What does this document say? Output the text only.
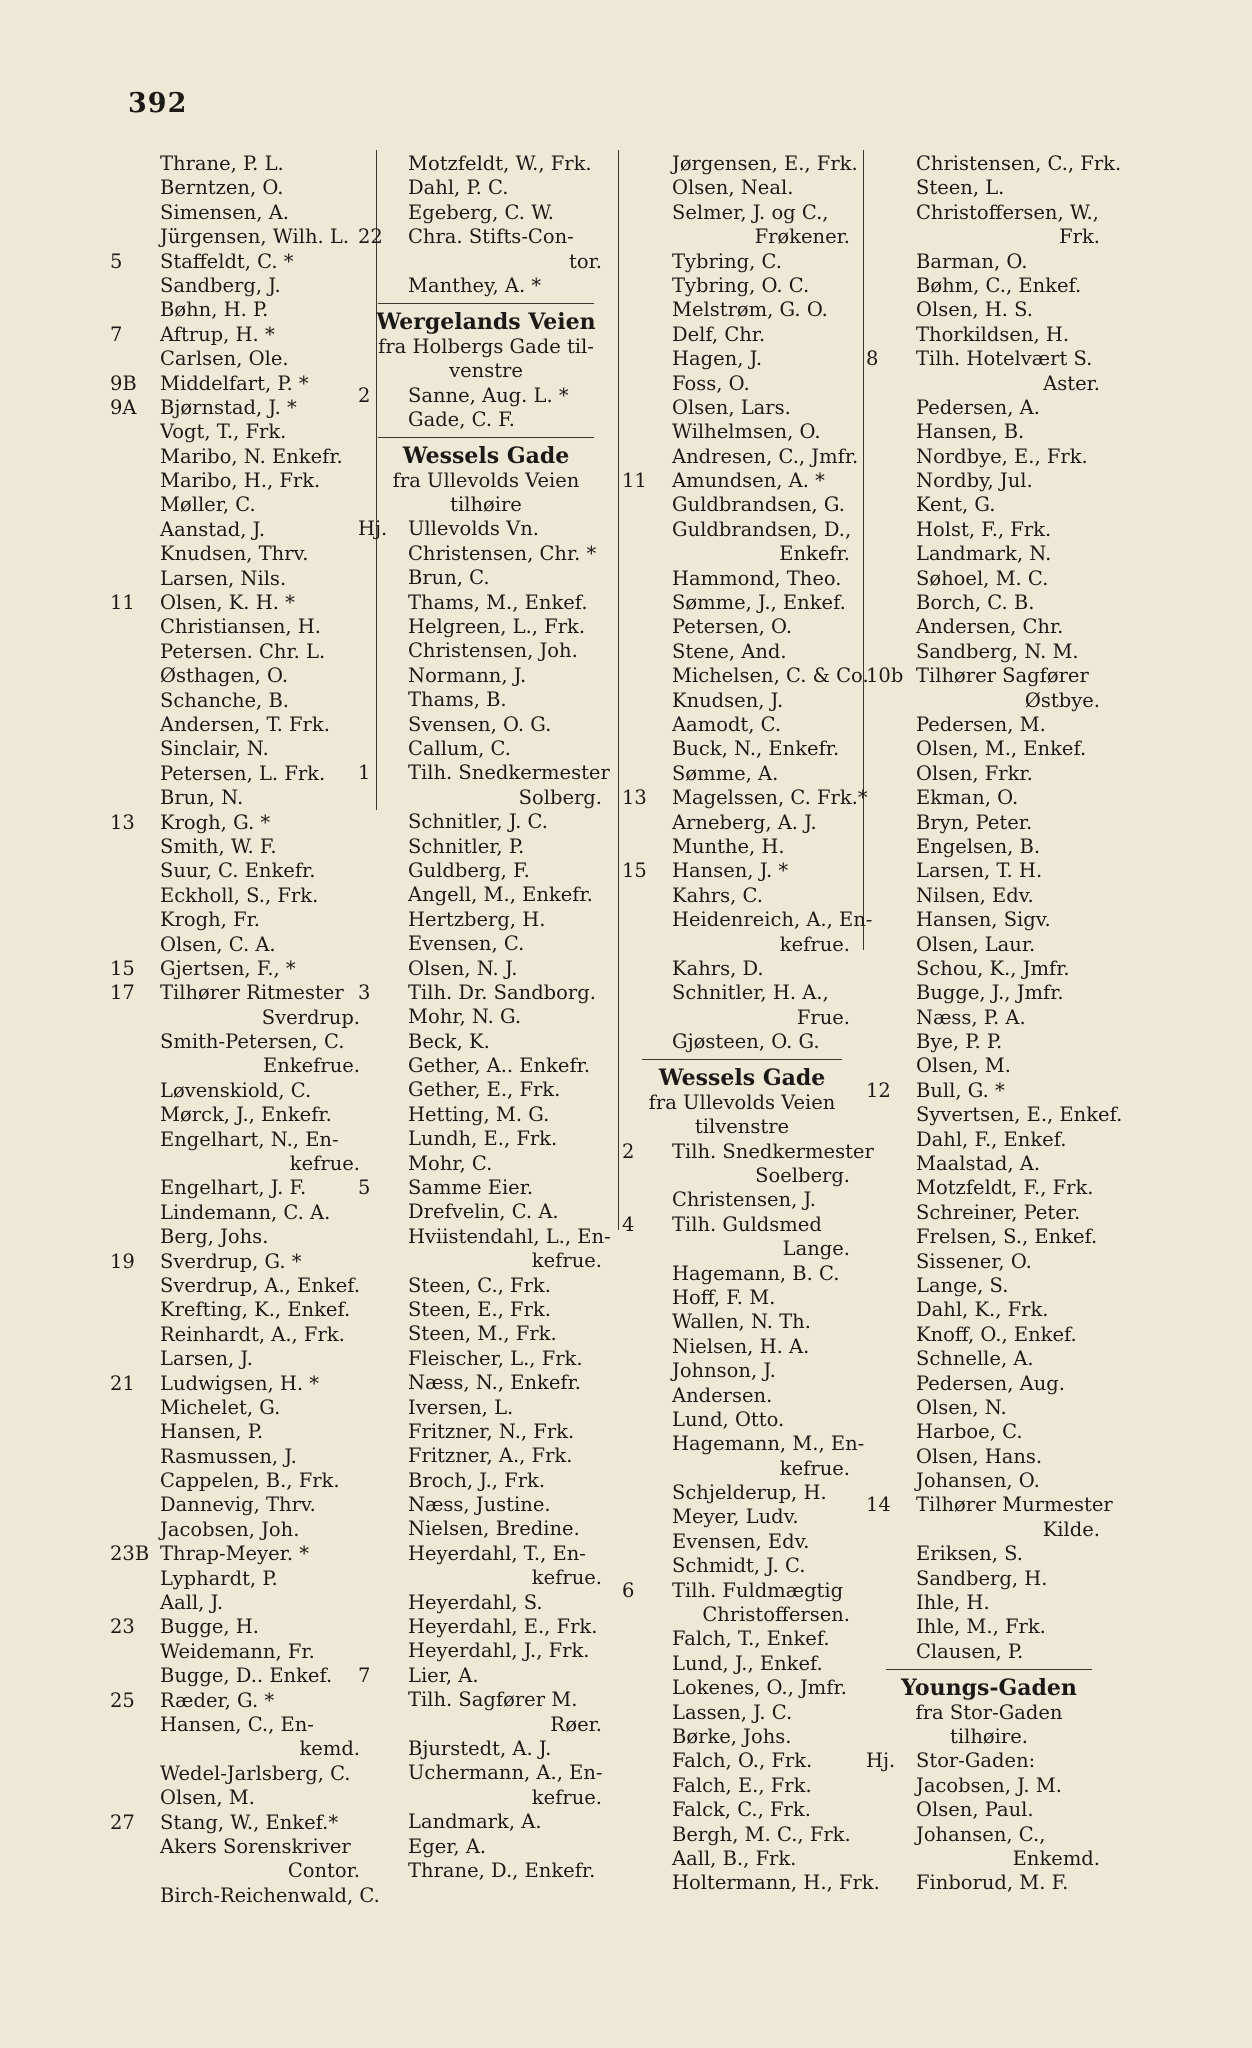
392
Thrane, P. L.
Berntzen, O.
Simensen, A.
Jürgensen, Wilh. L.
5 Staffeldt, C. *
Sandberg, J.
Bøhn, H. P.
7 Aftrup, H. *
Carlsen, Ole.
9B Middelfart, P. *
9A Bjørnstad, J. *
Vogt, T., Frk.
Maribo, N. Enkefr.
Maribo, H., Frk.
Møller, C.
Aanstad, J.
Knudsen, Thrv.
Larsen, Nils.
11 Olsen, K. H. *
Christiansen, H.
Petersen. Chr. L.
Østhagen, O.
Schanche, B.
Andersen, T. Frk.
Sinclair, N.
Petersen, L. Frk.
Brun, N.
13 Krogh, G. *
Smith, W. F.
Suur, C. Enkefr.
Eckholl, S., Frk.
Krogh, Fr.
Olsen, C. A.
15 Gjertsen, F., *
17 Tilhører Ritmester
Sverdrup.
Smith-Petersen, C.
Enkefrue.
Løvenskiold, C.
Mørck, J., Enkefr.
Engelhart, N., En-
kefrue.
Engelhart, J. F.
Lindemann, C. A.
Berg, Johs.
19 Sverdrup, G. *
Sverdrup, A., Enkef.
Krefting, K., Enkef.
Reinhardt, A., Frk.
Larsen, J.
21 Ludwigsen, H. *
Michelet, G.
Hansen, P.
Rasmussen, J.
Cappelen, B., Frk.
Dannevig, Thrv.
Jacobsen, Joh.
23B Thrap-Meyer. *
Lyphardt, P.
Aall, J.
23 Bugge, H.
Weidemann, Fr.
Bugge, D.. Enkef.
25 Ræder, G. *
Hansen, C., En-
kemd.
Wedel-Jarlsberg, C.
Olsen, M.
27 Stang, W., Enkef.*
Akers Sorenskriver
Contor.
Birch-Reichenwald, C.
Motzfeldt, W., Frk.
Dahl, P. C.
Egeberg, C. W.
22 Chra. Stifts-Con-
tor.
Manthey, A. *
Wergelands Veien
fra Holbergs Gade til-
venstre
2 Sanne, Aug. L. *
Gade, C. F.
Wessels Gade
fra Ullevolds Veien
tilhøire
Hj. Ullevolds Vn.
Christensen, Chr. *
Brun, C.
Thams, M., Enkef.
Helgreen, L., Frk.
Christensen, Joh.
Normann, J.
Thams, B.
Svensen, O. G.
Callum, C.
1 Tilh. Snedkermester
Solberg.
Schnitler, J. C.
Schnitler, P.
Guldberg, F.
Angell, M., Enkefr.
Hertzberg, H.
Evensen, C.
Olsen, N. J.
3 Tilh. Dr. Sandborg.
Mohr, N. G.
Beck, K.
Gether, A.. Enkefr.
Gether, E., Frk.
Hetting, M. G.
Lundh, E., Frk.
Mohr, C.
5 Samme Eier.
Drefvelin, C. A.
Hviistendahl, L., En-
kefrue.
Steen, C., Frk.
Steen, E., Frk.
Steen, M., Frk.
Fleischer, L., Frk.
Næss, N., Enkefr.
Iversen, L.
Fritzner, N., Frk.
Fritzner, A., Frk.
Broch, J., Frk.
Næss, Justine.
Nielsen, Bredine.
Heyerdahl, T., En-
kefrue.
Heyerdahl, S.
Heyerdahl, E., Frk.
Heyerdahl, J., Frk.
7 Lier, A.
Tilh. Sagfører M.
Røer.
Bjurstedt, A. J.
Uchermann, A., En-
kefrue.
Landmark, A.
Eger, A.
Thrane, D., Enkefr.
Jørgensen, E., Frk.
Olsen, Neal.
Selmer, J. og C.,
Frøkener.
Tybring, C.
Tybring, O. C.
Melstrøm, G. O.
Delf, Chr.
Hagen, J.
Foss, O.
Olsen, Lars.
Wilhelmsen, O.
Andresen, C., Jmfr.
11 Amundsen, A. *
Guldbrandsen, G.
Guldbrandsen, D.,
Enkefr.
Hammond, Theo.
Sømme, J., Enkef.
Petersen, O.
Stene, And.
Michelsen, C. & Co.
Knudsen, J.
Aamodt, C.
Buck, N., Enkefr.
Sømme, A.
13 Magelssen, C. Frk.*
Arneberg, A. J.
Munthe, H.
15 Hansen, J. *
Kahrs, C.
Heidenreich, A., En-
kefrue.
Kahrs, D.
Schnitler, H. A.,
Frue.
Gjøsteen, O. G.
Wessels Gade
fra Ullevolds Veien
tilvenstre
2 Tilh. Snedkermester
Soelberg.
Christensen, J.
4 Tilh. Guldsmed
Lange.
Hagemann, B. C.
Hoff, F. M.
Wallen, N. Th.
Nielsen, H. A.
Johnson, J.
Andersen.
Lund, Otto.
Hagemann, M., En-
kefrue.
Schjelderup, H.
Meyer, Ludv.
Evensen, Edv.
Schmidt, J. C.
6 Tilh. Fuldmægtig
Christoffersen.
Falch, T., Enkef.
Lund, J., Enkef.
Lokenes, O., Jmfr.
Lassen, J. C.
Børke, Johs.
Falch, O., Frk.
Falch, E., Frk.
Falck, C., Frk.
Bergh, M. C., Frk.
Aall, B., Frk.
Holtermann, H., Frk.
Christensen, C., Frk.
Steen, L.
Christoffersen, W.,
Frk.
Barman, O.
Bøhm, C., Enkef.
Olsen, H. S.
Thorkildsen, H.
8 Tilh. Hotelvært S.
Aster.
Pedersen, A.
Hansen, B.
Nordbye, E., Frk.
Nordby, Jul.
Kent, G.
Holst, F., Frk.
Landmark, N.
Søhoel, M. C.
Borch, C. B.
Andersen, Chr.
Sandberg, N. M.
10b Tilhører Sagfører
Østbye.
Pedersen, M.
Olsen, M., Enkef.
Olsen, Frkr.
Ekman, O.
Bryn, Peter.
Engelsen, B.
Larsen, T. H.
Nilsen, Edv.
Hansen, Sigv.
Olsen, Laur.
Schou, K., Jmfr.
Bugge, J., Jmfr.
Næss, P. A.
Bye, P. P.
Olsen, M.
12 Bull, G. *
Syvertsen, E., Enkef.
Dahl, F., Enkef.
Maalstad, A.
Motzfeldt, F., Frk.
Schreiner, Peter.
Frelsen, S., Enkef.
Sissener, O.
Lange, S.
Dahl, K., Frk.
Knoff, O., Enkef.
Schnelle, A.
Pedersen, Aug.
Olsen, N.
Harboe, C.
Olsen, Hans.
Johansen, O.
14 Tilhører Murmester
Kilde.
Eriksen, S.
Sandberg, H.
Ihle, H.
Ihle, M., Frk.
Clausen, P.
Youngs-Gaden
fra Stor-Gaden
tilhøire.
Hj. Stor-Gaden:
Jacobsen, J. M.
Olsen, Paul.
Johansen, C.,
Enkemd.
Finborud, M. F.
